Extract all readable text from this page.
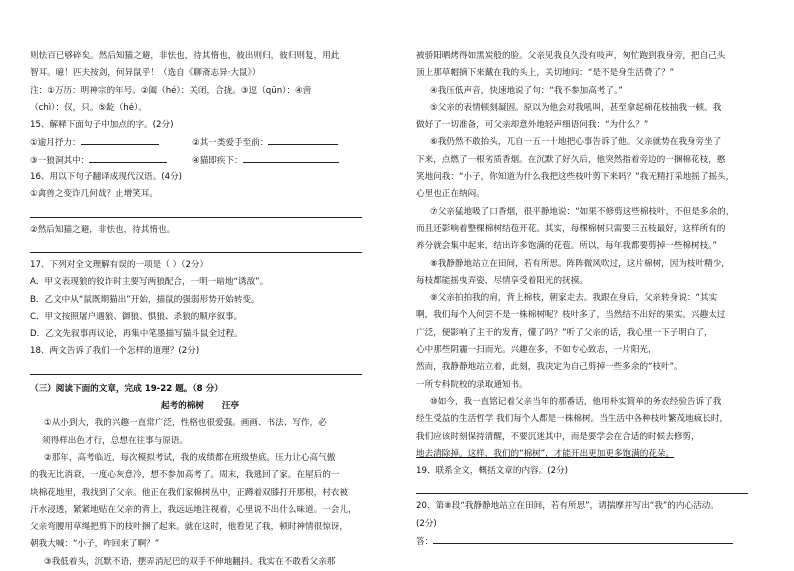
则怯百已够碎矣。然后知猫之避，非怯也，待其惰也，彼出则归，彼归则复，用此
智耳。噫！匹夫按剑，何异鼠乎！（选自《聊斋志异·大鼠》）
注：①万历：明神宗的年号。②阖（hé）：关闭，合拢。③逗（qūn）：④啻
（chì）：仅，只。⑤龁（hé）。
15、解释下面句子中加点的字。(2分)
①逾月抒力：	②其一类爱手至前：
③一狼洞其中：	④猫即疾下：
16、用以下句子翻译成现代汉语。(4分)
①禽兽之变诈几何哉？止增笑耳。
②然后知猫之避，非怯也，待其惰也。
17、下列对全文理解有误的一项是（ ）（2分）
A．甲文表现狼的狡诈时主要写两狼配合，一明一暗地“诱敌”。
B．乙文中从“鼠既期猫出”开始，描鼠的强弱形势开始转变。
C．甲文按照屠户遇狼、御狼、惧狼、杀狼的顺序叙事。
D．乙文先叙事再议论，再集中笔墨描写猫斗鼠全过程。
18、两文告诉了我们一个怎样的道理？(2分)
（三）阅读下面的文章，完成 19-22 题。（8 分）
起考的棉树 汪亭
①从小到大，我的兴趣一直常广泛，性格也很爱强。画画、书法、写作，必
须得样出色才行，总想在往事与原语。
②那年，高考临近，每次模拟考试，我的成绩都在班级垫底。压力让心高气傲
的我无比消衰，一度心灰意冷，想不参加高考了。周末，我逃回了家。在屋后的一
块棉花地里，我找到了父亲。他正在我们家棉树丛中，正蹲着双膝打开那根，村衣被
汗水浸透，紧紧地贴在父亲的背上，我远远地注视着，心里说不出什么味道。一会儿，
父亲弯腰用草绳把剪下的枝叶捆了起来。就在这时，他看见了我，顿时神情很惊讶，
朝我大喊：“小子，咋回来了啊？”
③我低着头，沉默不语，摆弄消尼巴的双手不伸地翻抖。我实在不敢看父亲那
被骄阳晒烤得如黑炭般的脸。父亲见我良久没有吱声，匆忙跑到我身旁，把自己头
顶上那草帽摘下来戴在我的头上，关切地问：“是不是身生活费了？”
④我压低声音，快速地说了句：“我不参加高考了。”
⑤父亲的表情顿刻凝固。原以为他会对我吼叫，甚至拿起棉花枝抽我一顿。我
做好了一切准备，可父亲却意外地轻声细语问我：“为什么？”
⑥我仍然不敢抬头，兀自一五一十地把心事告诉了他。父亲就势在我身旁坐了
下来，点燃了一根劣质香烟。在沉默了好久后，他突然指着旁边的一捆棉花枝，憨
笑地问我：“小子，你知道为什么我把这些枝叶剪下来吗？”我无精打采地摇了摇头，
心里也正在纳闷。
⑦父亲猛地吸了口香烟，很平静地说：“如果不修剪这些棉枝叶，不但是多余的，
而且还影响着整棵棉树结苞开花。其实，每棵棉树只需要三五枝最好，这样所有的
养分就会集中起来，结出许多饱满的花苞。所以，每年我都要剪掉一些棉树枝。”
⑧我静静地站立在田间，若有所思。阵阵微风吹过，这片棉树，因为枝叶精少，
每枝都能摇曳弄姿，尽情享受着阳光的抚摸。
⑨父亲拍拍我的肩，背上棉枝，朝家走去。我跟在身后，父亲转身说：“其实
啊，我们每个人何尝不是一株棉树呢？枝叶多了，当然结不出好的果实。兴趣太过
广泛，便影响了主干的发育，懂了吗？”听了父亲的话，我心里一下子明白了，
心中那些阴霾一扫而光。兴趣在多，不如专心致志，一片阳光，
然而，我静静地站立着，此刻，我决定为自己剪掉一些多余的“枝叶”。
一所专科院校的录取通知书。
⑩如今，我一直铭记着父亲当年的那番话，他用朴实简单的务农经验告诉了我
经生受益的生活哲学 我们每个人都是一株棉树。当生活中各种枝叶繁茂地疯长时，
我们应该时刻保持清醒，不要沉迷其中，而是要学会在合适的时候去修剪，
地去清除掉。这样，我们的“棉树”，才能开出更加更多饱满的花朵。
19、联系全文，概括文章的内容。(2分)
20、第⑧段“我静静地站立在田间，若有所思”，请揣摩并写出“我”的内心活动。
(2分)
答：
